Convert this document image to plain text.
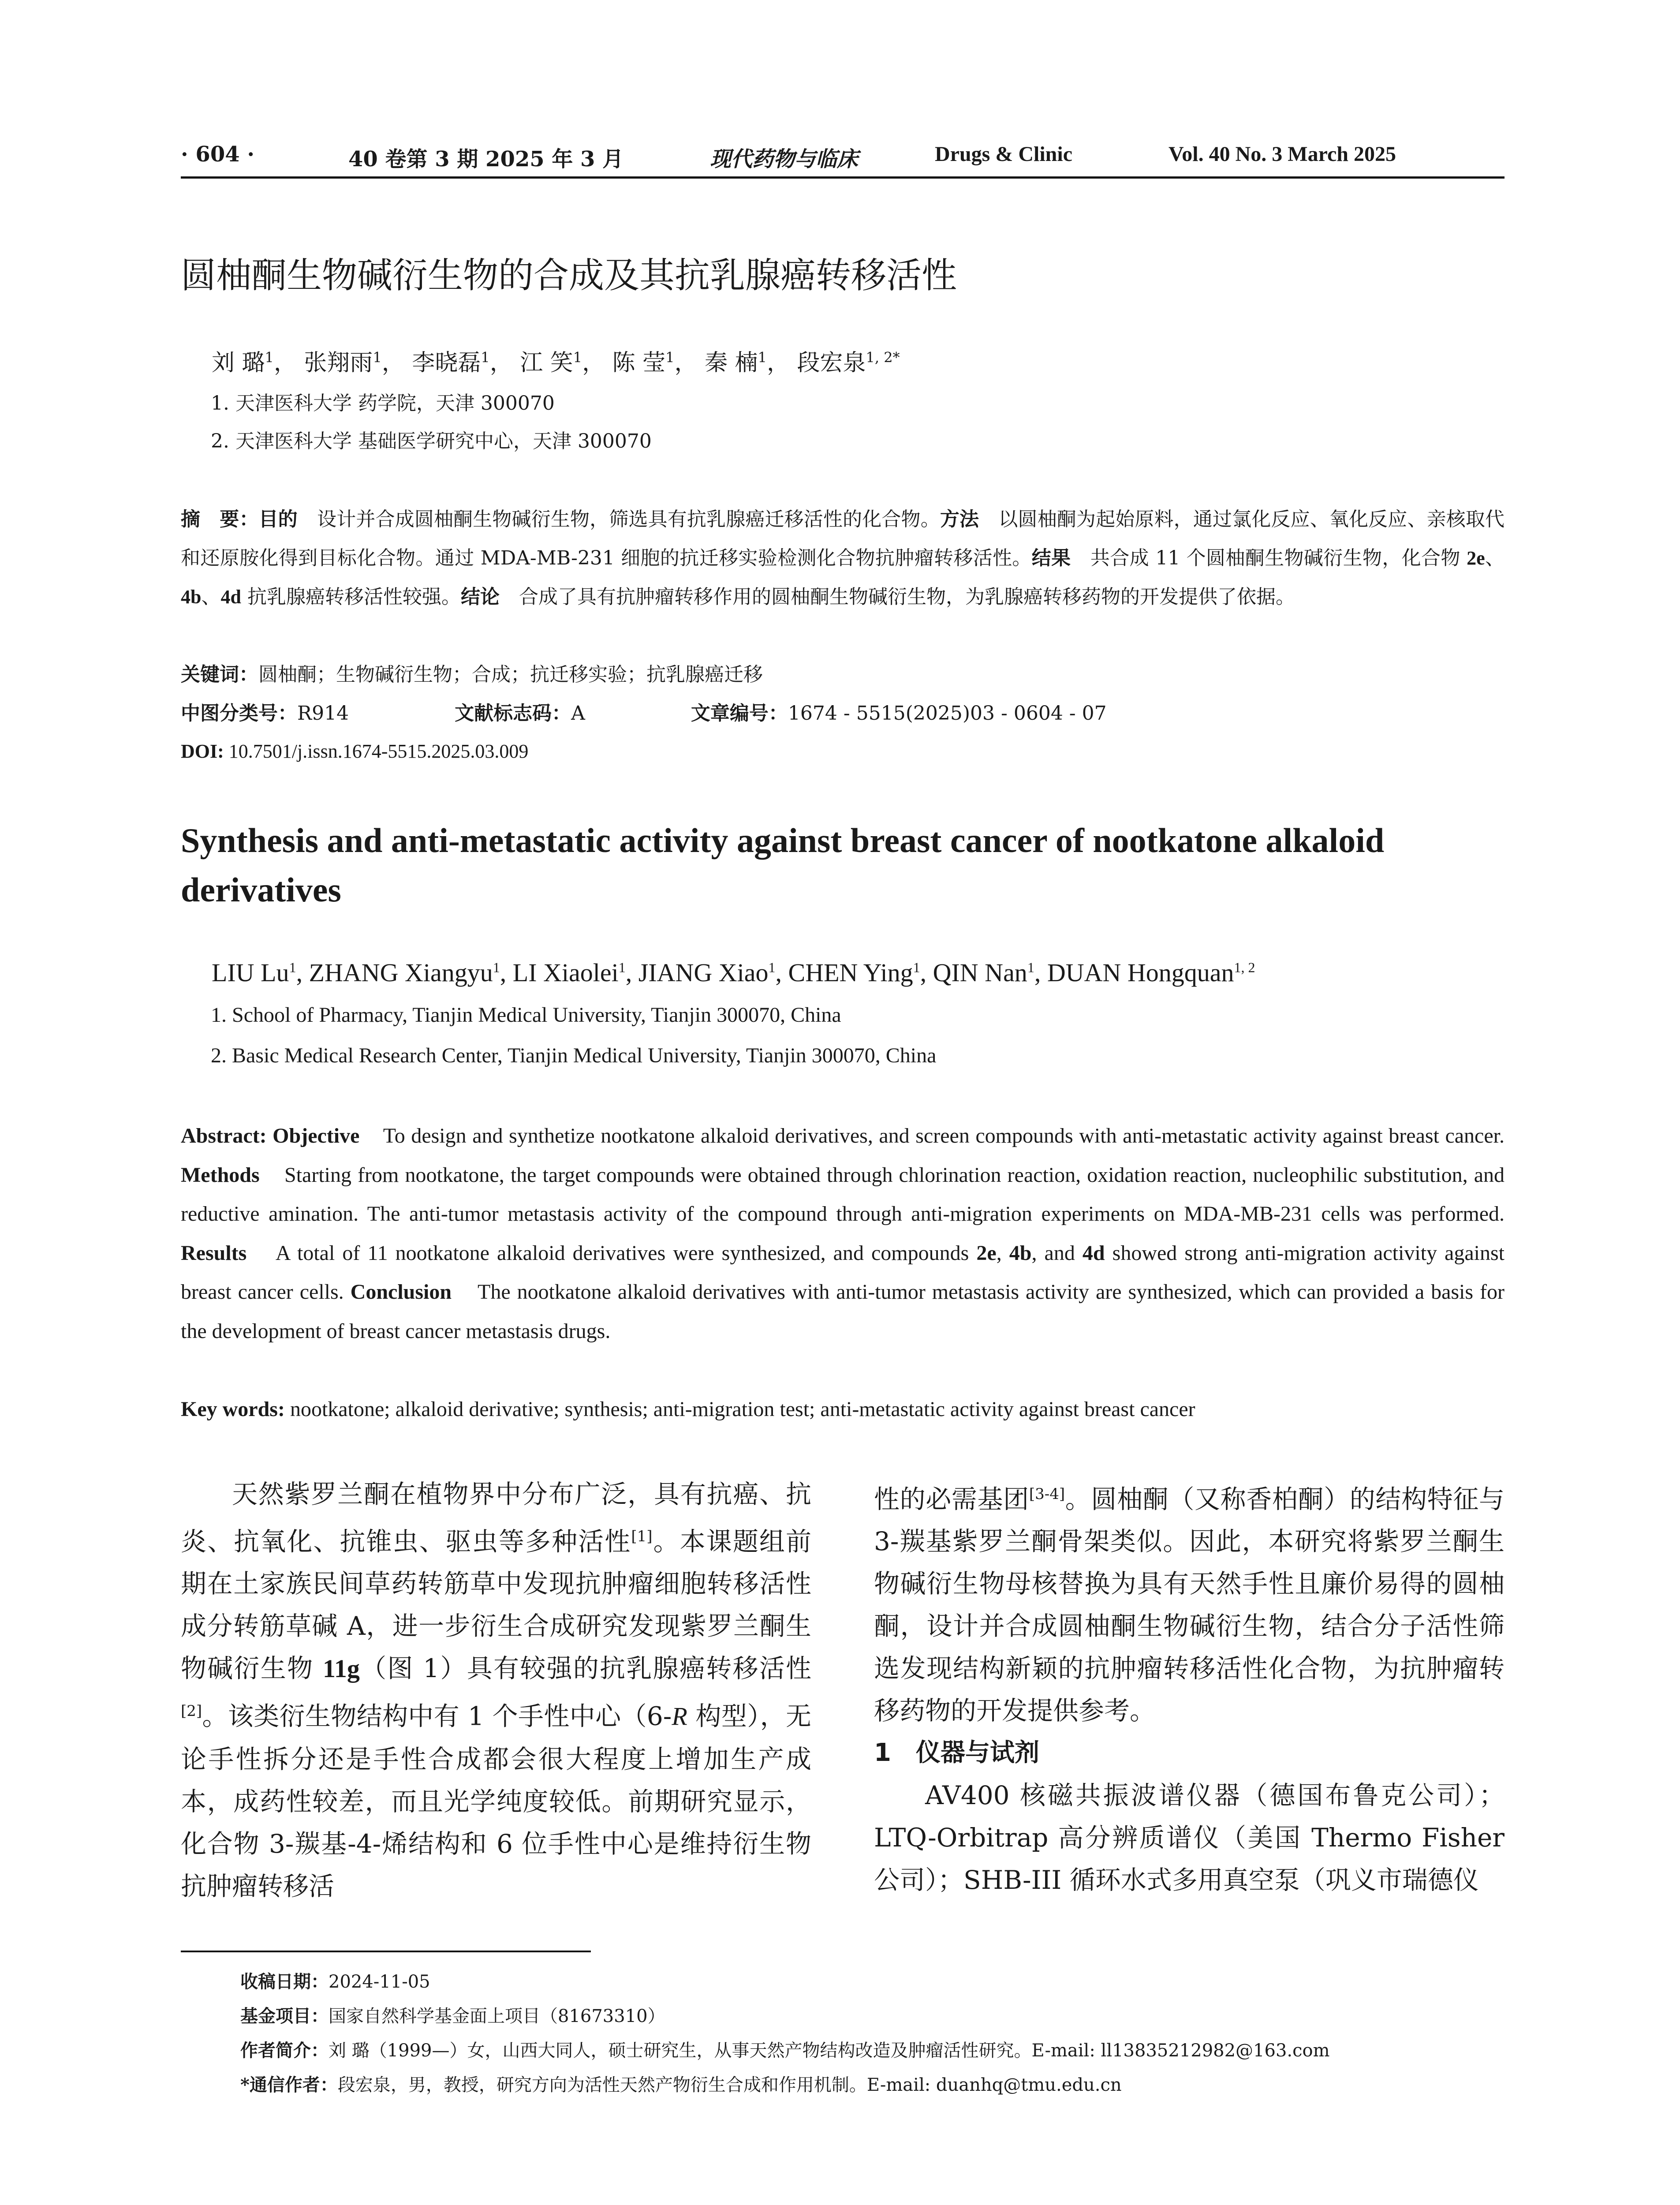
· 604 ·	40 卷第 3 期 2025 年 3 月	现代药物与临床	Drugs & Clinic	Vol. 40 No. 3 March 2025
圆柚酮生物碱衍生物的合成及其抗乳腺癌转移活性
刘 璐$^1$， 张翔雨$^1$， 李晓磊$^1$， 江 笑$^1$， 陈 莹$^1$， 秦 楠$^1$， 段宏泉$^{1, 2*}$
1. 天津医科大学 药学院，天津 300070
2. 天津医科大学 基础医学研究中心，天津 300070
摘　要：目的　 设计并合成圆柚酮生物碱衍生物，筛选具有抗乳腺癌迁移活性的化合物。方法　 以圆柚酮为起始原料，通过氯化反应、氧化反应、亲核取代和还原胺化得到目标化合物。通过 MDA-MB-231 细胞的抗迁移实验检测化合物抗肿瘤转移活性。结果　 共合成 11 个圆柚酮生物碱衍生物，化合物 2e、4b、4d 抗乳腺癌转移活性较强。结论　 合成了具有抗肿瘤转移作用的圆柚酮生物碱衍生物，为乳腺癌转移药物的开发提供了依据。
关键词：圆柚酮；生物碱衍生物；合成；抗迁移实验；抗乳腺癌迁移
中图分类号：R914	文献标志码：A	文章编号：1674 - 5515(2025)03 - 0604 - 07
DOI: 10.7501/j.issn.1674-5515.2025.03.009
Synthesis and anti-metastatic activity against breast cancer of nootkatone alkaloid derivatives
LIU Lu$^1$, ZHANG Xiangyu$^1$, LI Xiaolei$^1$, JIANG Xiao$^1$, CHEN Ying$^1$, QIN Nan$^1$, DUAN Hongquan$^{1, 2}$
1. School of Pharmacy, Tianjin Medical University, Tianjin 300070, China
2. Basic Medical Research Center, Tianjin Medical University, Tianjin 300070, China
Abstract: Objective To design and synthetize nootkatone alkaloid derivatives, and screen compounds with anti-metastatic activity against breast cancer. Methods Starting from nootkatone, the target compounds were obtained through chlorination reaction, oxidation reaction, nucleophilic substitution, and reductive amination. The anti-tumor metastasis activity of the compound through anti-migration experiments on MDA-MB-231 cells was performed. Results A total of 11 nootkatone alkaloid derivatives were synthesized, and compounds 2e, 4b, and 4d showed strong anti-migration activity against breast cancer cells. Conclusion The nootkatone alkaloid derivatives with anti-tumor metastasis activity are synthesized, which can provided a basis for the development of breast cancer metastasis drugs.
Key words: nootkatone; alkaloid derivative; synthesis; anti-migration test; anti-metastatic activity against breast cancer

天然紫罗兰酮在植物界中分布广泛，具有抗癌、抗炎、抗氧化、抗锥虫、驱虫等多种活性[1]。本课题组前期在土家族民间草药转筋草中发现抗肿瘤细胞转移活性成分转筋草碱 A，进一步衍生合成研究发现紫罗兰酮生物碱衍生物 11g（图 1）具有较强的抗乳腺癌转移活性[2]。该类衍生物结构中有 1 个手性中心（6-R 构型），无论手性拆分还是手性合成都会很大程度上增加生产成本，成药性较差，而且光学纯度较低。前期研究显示，化合物 3-羰基-4-烯结构和 6 位手性中心是维持衍生物抗肿瘤转移活

性的必需基团[3-4]。圆柚酮（又称香柏酮）的结构特征与 3-羰基紫罗兰酮骨架类似。因此，本研究将紫罗兰酮生物碱衍生物母核替换为具有天然手性且廉价易得的圆柚酮，设计并合成圆柚酮生物碱衍生物，结合分子活性筛选发现结构新颖的抗肿瘤转移活性化合物，为抗肿瘤转移药物的开发提供参考。

1　仪器与试剂

AV400 核磁共振波谱仪器（德国布鲁克公司）；LTQ-Orbitrap 高分辨质谱仪（美国 Thermo Fisher 公司）；SHB-III 循环水式多用真空泵（巩义市瑞德仪

收稿日期：2024-11-05
基金项目：国家自然科学基金面上项目（81673310）
作者简介：刘 璐（1999—）女，山西大同人，硕士研究生，从事天然产物结构改造及肿瘤活性研究。E-mail: ll13835212982@163.com
*通信作者：段宏泉，男，教授，研究方向为活性天然产物衍生合成和作用机制。E-mail: duanhq@tmu.edu.cn
